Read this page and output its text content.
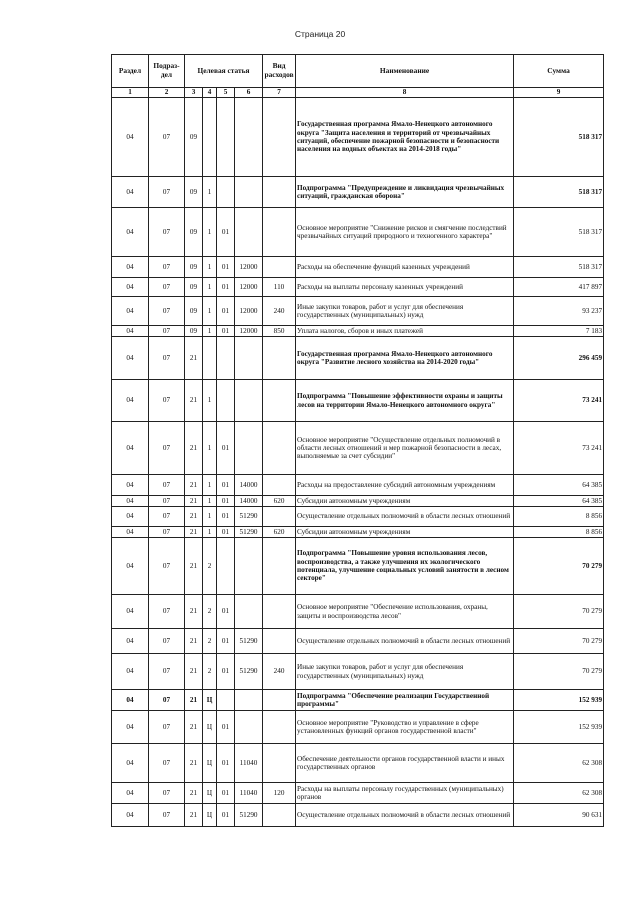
Страница 20
Раздел	Подраз-дел	Целевая статья				Вид расходов	Наименование	Сумма
1	2	3	4	5	6	7	8	9
04	07	09					Государственная программа Ямало-Ненецкого автономного округа "Защита населения и территорий от чрезвычайных ситуаций, обеспечение пожарной безопасности и безопасности населения на водных объектах на 2014-2018 годы"	518 317
04	07	09	1				Подпрограмма "Предупреждение и ликвидация чрезвычайных ситуаций, гражданская оборона"	518 317
04	07	09	1	01			Основное мероприятие "Снижение рисков и смягчение последствий чрезвычайных ситуаций природного и техногенного характера"	518 317
04	07	09	1	01	12000		Расходы на обеспечение функций казенных учреждений	518 317
04	07	09	1	01	12000	110	Расходы на выплаты персоналу казенных учреждений	417 897
04	07	09	1	01	12000	240	Иные закупки товаров, работ и услуг для обеспечения государственных (муниципальных) нужд	93 237
04	07	09	1	01	12000	850	Уплата налогов, сборов и иных платежей	7 183
04	07	21					Государственная программа Ямало-Ненецкого автономного округа "Развитие лесного хозяйства на 2014-2020 годы"	296 459
04	07	21	1				Подпрограмма "Повышение эффективности охраны и защиты лесов на территории Ямало-Ненецкого автономного округа"	73 241
04	07	21	1	01			Основное мероприятие "Осуществление отдельных полномочий в области лесных отношений и мер пожарной безопасности в лесах, выполняемые за счет субсидии"	73 241
04	07	21	1	01	14000		Расходы на предоставление субсидий автономным учреждениям	64 385
04	07	21	1	01	14000	620	Субсидии автономным учреждениям	64 385
04	07	21	1	01	51290		Осуществление отдельных полномочий в области лесных отношений	8 856
04	07	21	1	01	51290	620	Субсидии автономным учреждениям	8 856
04	07	21	2				Подпрограмма "Повышение уровня использования лесов, воспроизводства, а также улучшения их экологического потенциала, улучшение социальных условий занятости в лесном секторе"	70 279
04	07	21	2	01			Основное мероприятие "Обеспечение использования, охраны, защиты и воспроизводства лесов"	70 279
04	07	21	2	01	51290		Осуществление отдельных полномочий в области лесных отношений	70 279
04	07	21	2	01	51290	240	Иные закупки товаров, работ и услуг для обеспечения государственных (муниципальных) нужд	70 279
04	07	21	Ц				Подпрограмма "Обеспечение реализации Государственной программы"	152 939
04	07	21	Ц	01			Основное мероприятие "Руководство и управление в сфере установленных функций органов государственной власти"	152 939
04	07	21	Ц	01	11040		Обеспечение деятельности органов государственной власти и иных государственных органов	62 308
04	07	21	Ц	01	11040	120	Расходы на выплаты персоналу государственных (муниципальных) органов	62 308
04	07	21	Ц	01	51290		Осуществление отдельных полномочий в области лесных отношений	90 631
